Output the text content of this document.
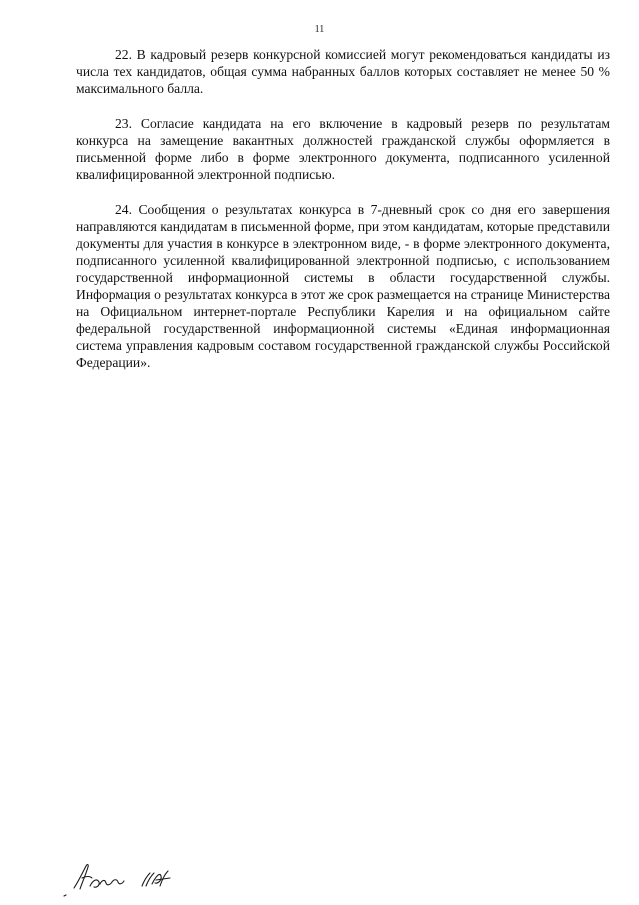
11

22. В кадровый резерв конкурсной комиссией могут рекомендоваться кандидаты из числа тех кандидатов, общая сумма набранных баллов которых составляет не менее 50 % максимального балла.

23. Согласие кандидата на его включение в кадровый резерв по результатам конкурса на замещение вакантных должностей гражданской службы оформляется в письменной форме либо в форме электронного документа, подписанного усиленной квалифицированной электронной подписью.

24. Сообщения о результатах конкурса в 7-дневный срок со дня его завершения направляются кандидатам в письменной форме, при этом кандидатам, которые представили документы для участия в конкурсе в электронном виде, - в форме электронного документа, подписанного усиленной квалифицированной электронной подписью, с использованием государственной информационной системы в области государственной службы. Информация о результатах конкурса в этот же срок размещается на странице Министерства на Официальном интернет-портале Республики Карелия и на официальном сайте федеральной государственной информационной системы «Единая информационная система управления кадровым составом государственной гражданской службы Российской Федерации».
